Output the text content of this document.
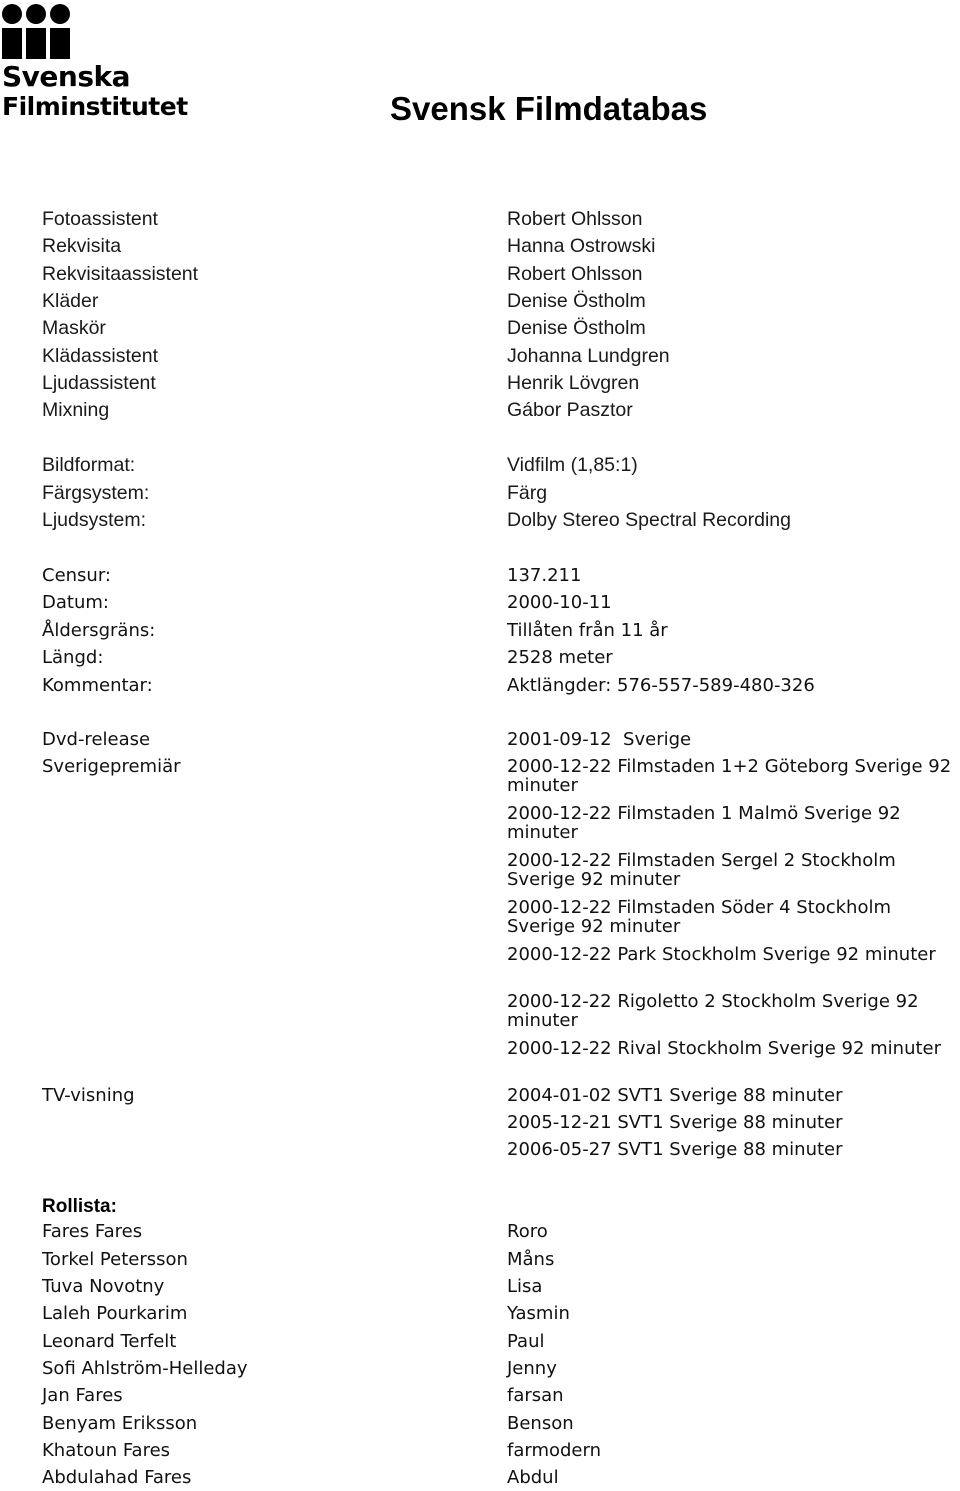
Svenska
Filminstitutet	Svensk Filmdatabas
Fotoassistent	Robert Ohlsson
Rekvisita	Hanna Ostrowski
Rekvisitaassistent	Robert Ohlsson
Kläder	Denise Östholm
Maskör	Denise Östholm
Klädassistent	Johanna Lundgren
Ljudassistent	Henrik Lövgren
Mixning	Gábor Pasztor
Bildformat:	Vidfilm (1,85:1)
Färgsystem:	Färg
Ljudsystem:	Dolby Stereo Spectral Recording
Censur:	137.211
Datum:	2000-10-11
Åldersgräns:	Tillåten från 11 år
Längd:	2528 meter
Kommentar:	Aktlängder: 576-557-589-480-326
Dvd-release	2001-09-12  Sverige
Sverigepremiär	2000-12-22 Filmstaden 1+2 Göteborg Sverige 92 minuter
2000-12-22 Filmstaden 1 Malmö Sverige 92 minuter
2000-12-22 Filmstaden Sergel 2 Stockholm Sverige 92 minuter
2000-12-22 Filmstaden Söder 4 Stockholm Sverige 92 minuter
2000-12-22 Park Stockholm Sverige 92 minuter
2000-12-22 Rigoletto 2 Stockholm Sverige 92 minuter
2000-12-22 Rival Stockholm Sverige 92 minuter
TV-visning	2004-01-02 SVT1 Sverige 88 minuter
2005-12-21 SVT1 Sverige 88 minuter
2006-05-27 SVT1 Sverige 88 minuter
Rollista:
Fares Fares	Roro
Torkel Petersson	Måns
Tuva Novotny	Lisa
Laleh Pourkarim	Yasmin
Leonard Terfelt	Paul
Sofi Ahlström-Helleday	Jenny
Jan Fares	farsan
Benyam Eriksson	Benson
Khatoun Fares	farmodern
Abdulahad Fares	Abdul
